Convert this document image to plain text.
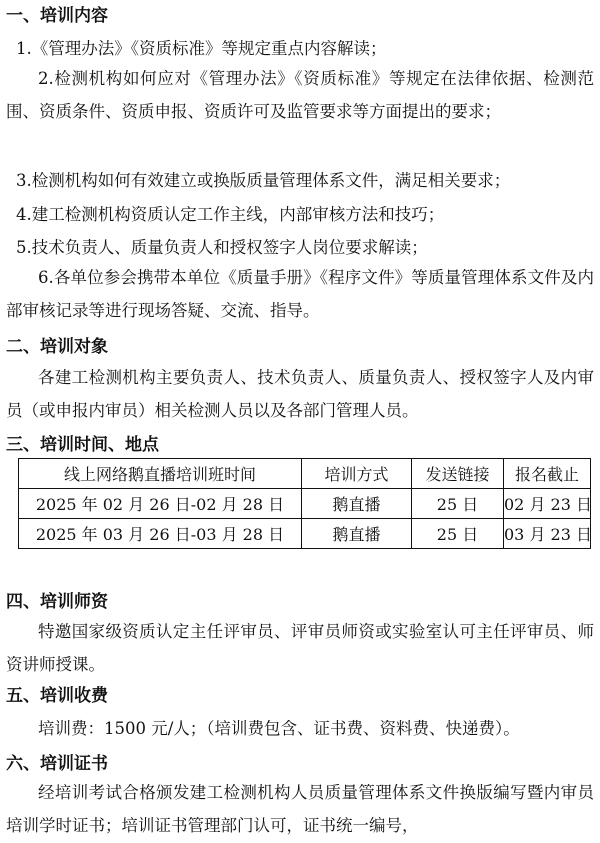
一、培训内容
1.《管理办法》《资质标准》等规定重点内容解读；
2.检测机构如何应对《管理办法》《资质标准》等规定在法律依据、检测范围、资质条件、资质申报、资质许可及监管要求等方面提出的要求；
3.检测机构如何有效建立或换版质量管理体系文件，满足相关要求；
4.建工检测机构资质认定工作主线，内部审核方法和技巧；
5.技术负责人、质量负责人和授权签字人岗位要求解读；
6.各单位参会携带本单位《质量手册》《程序文件》等质量管理体系文件及内部审核记录等进行现场答疑、交流、指导。
二、培训对象
各建工检测机构主要负责人、技术负责人、质量负责人、授权签字人及内审员（或申报内审员）相关检测人员以及各部门管理人员。
三、培训时间、地点
线上网络鹅直播培训班时间	培训方式	发送链接	报名截止
2025 年 02 月 26 日-02 月 28 日	鹅直播	25 日	02 月 23 日
2025 年 03 月 26 日-03 月 28 日	鹅直播	25 日	03 月 23 日
四、培训师资
特邀国家级资质认定主任评审员、评审员师资或实验室认可主任评审员、师资讲师授课。
五、培训收费
培训费：1500 元/人；（培训费包含、证书费、资料费、快递费）。
六、培训证书
经培训考试合格颁发建工检测机构人员质量管理体系文件换版编写暨内审员培训学时证书；培训证书管理部门认可，证书统一编号，
